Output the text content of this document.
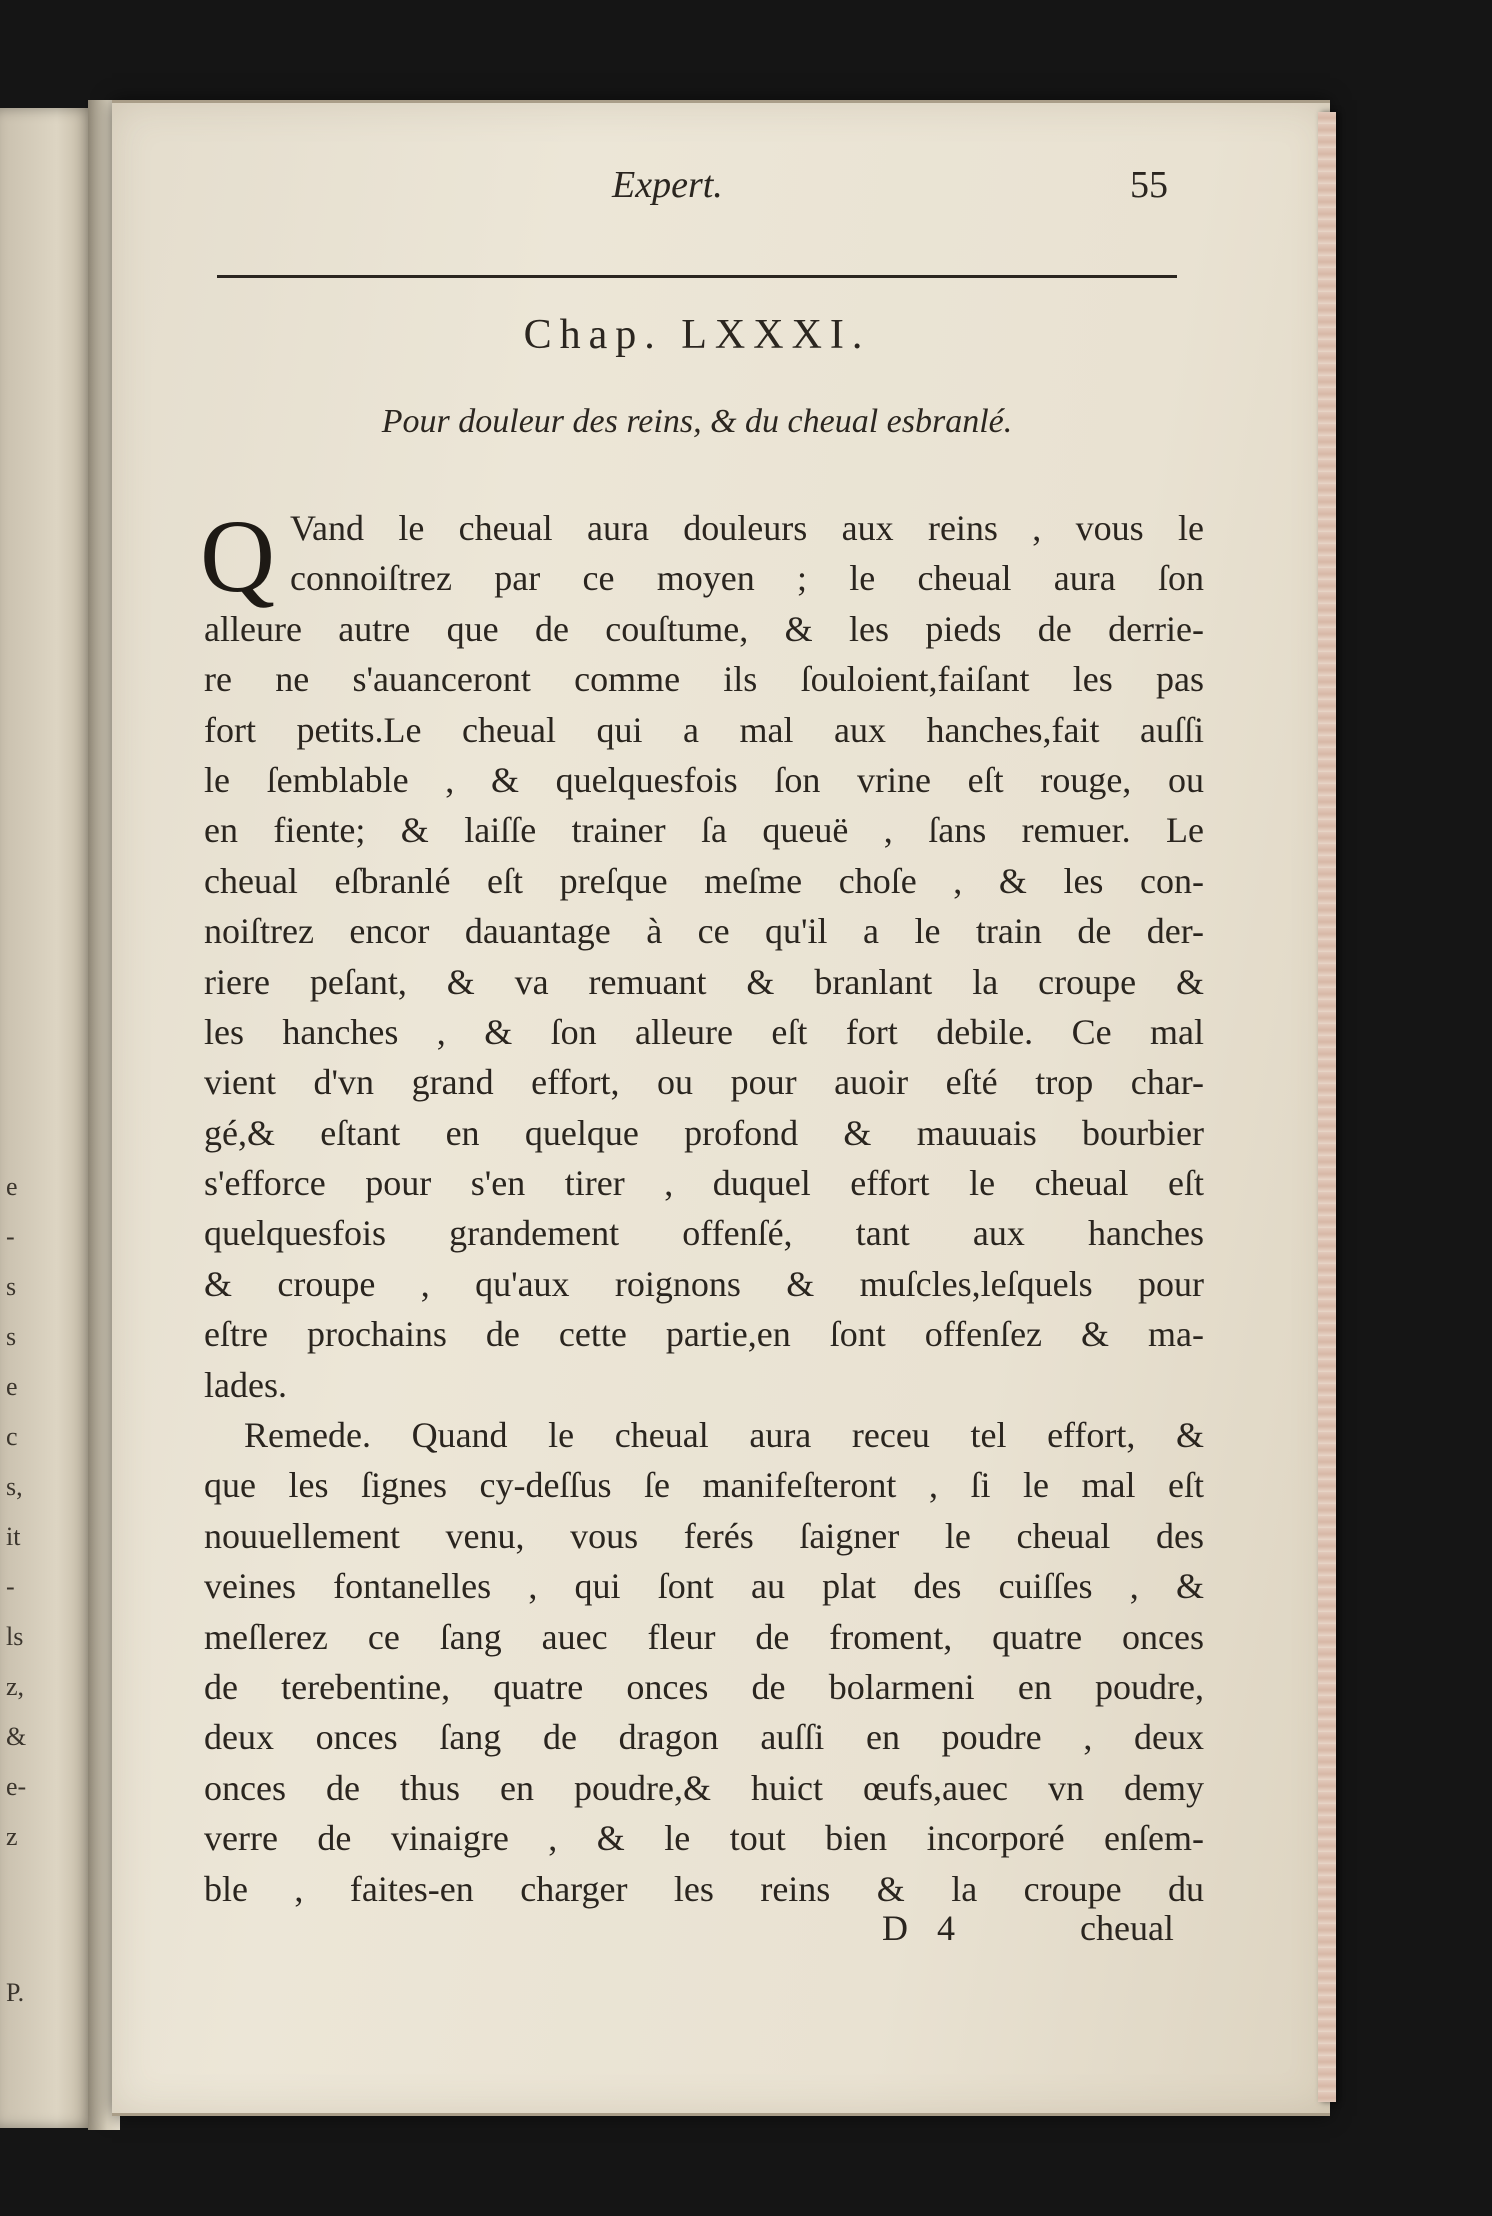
e
-
s
s
e
c
s,
it
-
ls
z,
&
e-
z
P.
Expert.	55
Chap. LXXXI.
Pour douleur des reins, & du cheual esbranlé.
Q Vand le cheual aura douleurs aux reins , vous le
connoiſtrez par ce moyen ; le cheual aura ſon
alleure autre que de couſtume, & les pieds de derrie-
re ne s'auanceront comme ils ſouloient,faiſant les pas
fort petits.Le cheual qui a mal aux hanches,fait auſſi
le ſemblable , & quelquesfois ſon vrine eſt rouge, ou
en fiente; & laiſſe trainer ſa queuë , ſans remuer. Le
cheual eſbranlé eſt preſque meſme choſe , & les con-
noiſtrez encor dauantage à ce qu'il a le train de der-
riere peſant, & va remuant & branlant la croupe &
les hanches , & ſon alleure eſt fort debile. Ce mal
vient d'vn grand effort, ou pour auoir eſté trop char-
gé,& eſtant en quelque profond & mauuais bourbier
s'efforce pour s'en tirer , duquel effort le cheual eſt
quelquesfois grandement offenſé, tant aux hanches
& croupe , qu'aux roignons & muſcles,leſquels pour
eſtre prochains de cette partie,en ſont offenſez & ma-
lades.
Remede. Quand le cheual aura receu tel effort, &
que les ſignes cy-deſſus ſe manifeſteront , ſi le mal eſt
nouuellement venu, vous ferés ſaigner le cheual des
veines fontanelles , qui ſont au plat des cuiſſes , &
meſlerez ce ſang auec fleur de froment, quatre onces
de terebentine, quatre onces de bolarmeni en poudre,
deux onces ſang de dragon auſſi en poudre , deux
onces de thus en poudre,& huict œufs,auec vn demy
verre de vinaigre , & le tout bien incorporé enſem-
ble , faites-en charger les reins & la croupe du
D 4	cheual
